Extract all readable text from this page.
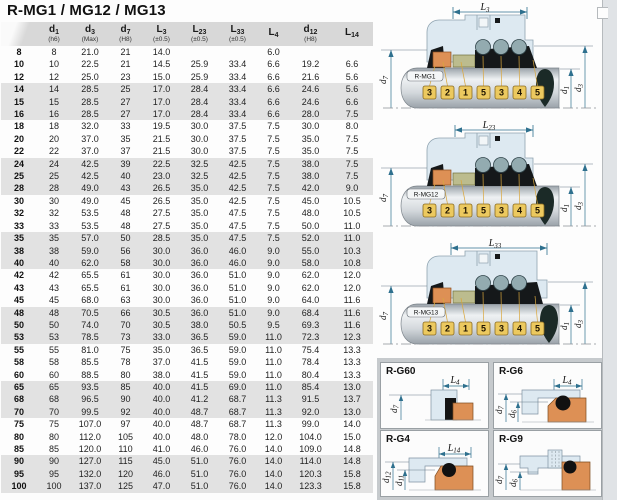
R-MG1 / MG12 / MG13

$d_1$
(h6)

$d_3$
(Max)

$d_7$
(H8)

$L_3$
(±0.5)

$L_{23}$
(±0.5)

$L_{33}$
(±0.5)

$L_4$

$d_{12}$
(H8)

$L_{14}$

8	8	21.0	21	14.0			6.0		
10	10	22.5	21	14.5	25.9	33.4	6.6	19.2	6.6
12	12	25.0	23	15.0	25.9	33.4	6.6	21.6	5.6
14	14	28.5	25	17.0	28.4	33.4	6.6	24.6	5.6
15	15	28.5	27	17.0	28.4	33.4	6.6	24.6	6.6
16	16	28.5	27	17.0	28.4	33.4	6.6	28.0	7.5
18	18	32.0	33	19.5	30.0	37.5	7.5	30.0	8.0
20	20	37.0	35	21.5	30.0	37.5	7.5	35.0	7.5
22	22	37.0	37	21.5	30.0	37.5	7.5	35.0	7.5
24	24	42.5	39	22.5	32.5	42.5	7.5	38.0	7.5
25	25	42.5	40	23.0	32.5	42.5	7.5	38.0	7.5
28	28	49.0	43	26.5	35.0	42.5	7.5	42.0	9.0
30	30	49.0	45	26.5	35.0	42.5	7.5	45.0	10.5
32	32	53.5	48	27.5	35.0	47.5	7.5	48.0	10.5
33	33	53.5	48	27.5	35.0	47.5	7.5	50.0	11.0
35	35	57.0	50	28.5	35.0	47.5	7.5	52.0	11.0
38	38	59.0	56	30.0	36.0	46.0	9.0	55.0	10.3
40	40	62.0	58	30.0	36.0	46.0	9.0	58.0	10.8
42	42	65.5	61	30.0	36.0	51.0	9.0	62.0	12.0
43	43	65.5	61	30.0	36.0	51.0	9.0	62.0	12.0
45	45	68.0	63	30.0	36.0	51.0	9.0	64.0	11.6
48	48	70.5	66	30.5	36.0	51.0	9.0	68.4	11.6
50	50	74.0	70	30.5	38.0	50.5	9.5	69.3	11.6
53	53	78.5	73	33.0	36.5	59.0	11.0	72.3	12.3
55	55	81.0	75	35.0	36.5	59.0	11.0	75.4	13.3
58	58	85.5	78	37.0	41.5	59.0	11.0	78.4	13.3
60	60	88.5	80	38.0	41.5	59.0	11.0	80.4	13.3
65	65	93.5	85	40.0	41.5	69.0	11.0	85.4	13.0
68	68	96.5	90	40.0	41.2	68.7	11.3	91.5	13.7
70	70	99.5	92	40.0	48.7	68.7	11.3	92.0	13.0
75	75	107.0	97	40.0	48.7	68.7	11.3	99.0	14.0
80	80	112.0	105	40.0	48.0	78.0	12.0	104.0	15.0
85	85	120.0	110	41.0	46.0	76.0	14.0	109.0	14.8
90	90	127.0	115	45.0	51.0	76.0	14.0	114.0	14.8
95	95	132.0	120	46.0	51.0	76.0	14.0	120.3	15.8
100	100	137.0	125	47.0	51.0	76.0	14.0	123.3	15.8
R-MG1
3 2 1 5 3 4 5
$L_3$
$d_7$
$d_1$ $d_3$
R-MG12
3 2 1 5 3 4 5
$L_{23}$
$d_7$
$d_1$ $d_3$
R-MG13
3 2 1 5 3 4 5
$L_{33}$
$d_7$
$d_1$ $d_3$
R-G60
L4
d7
R-G6
L4
d7
d6
R-G4
L14
d12
d11
R-G9
d7
d6
